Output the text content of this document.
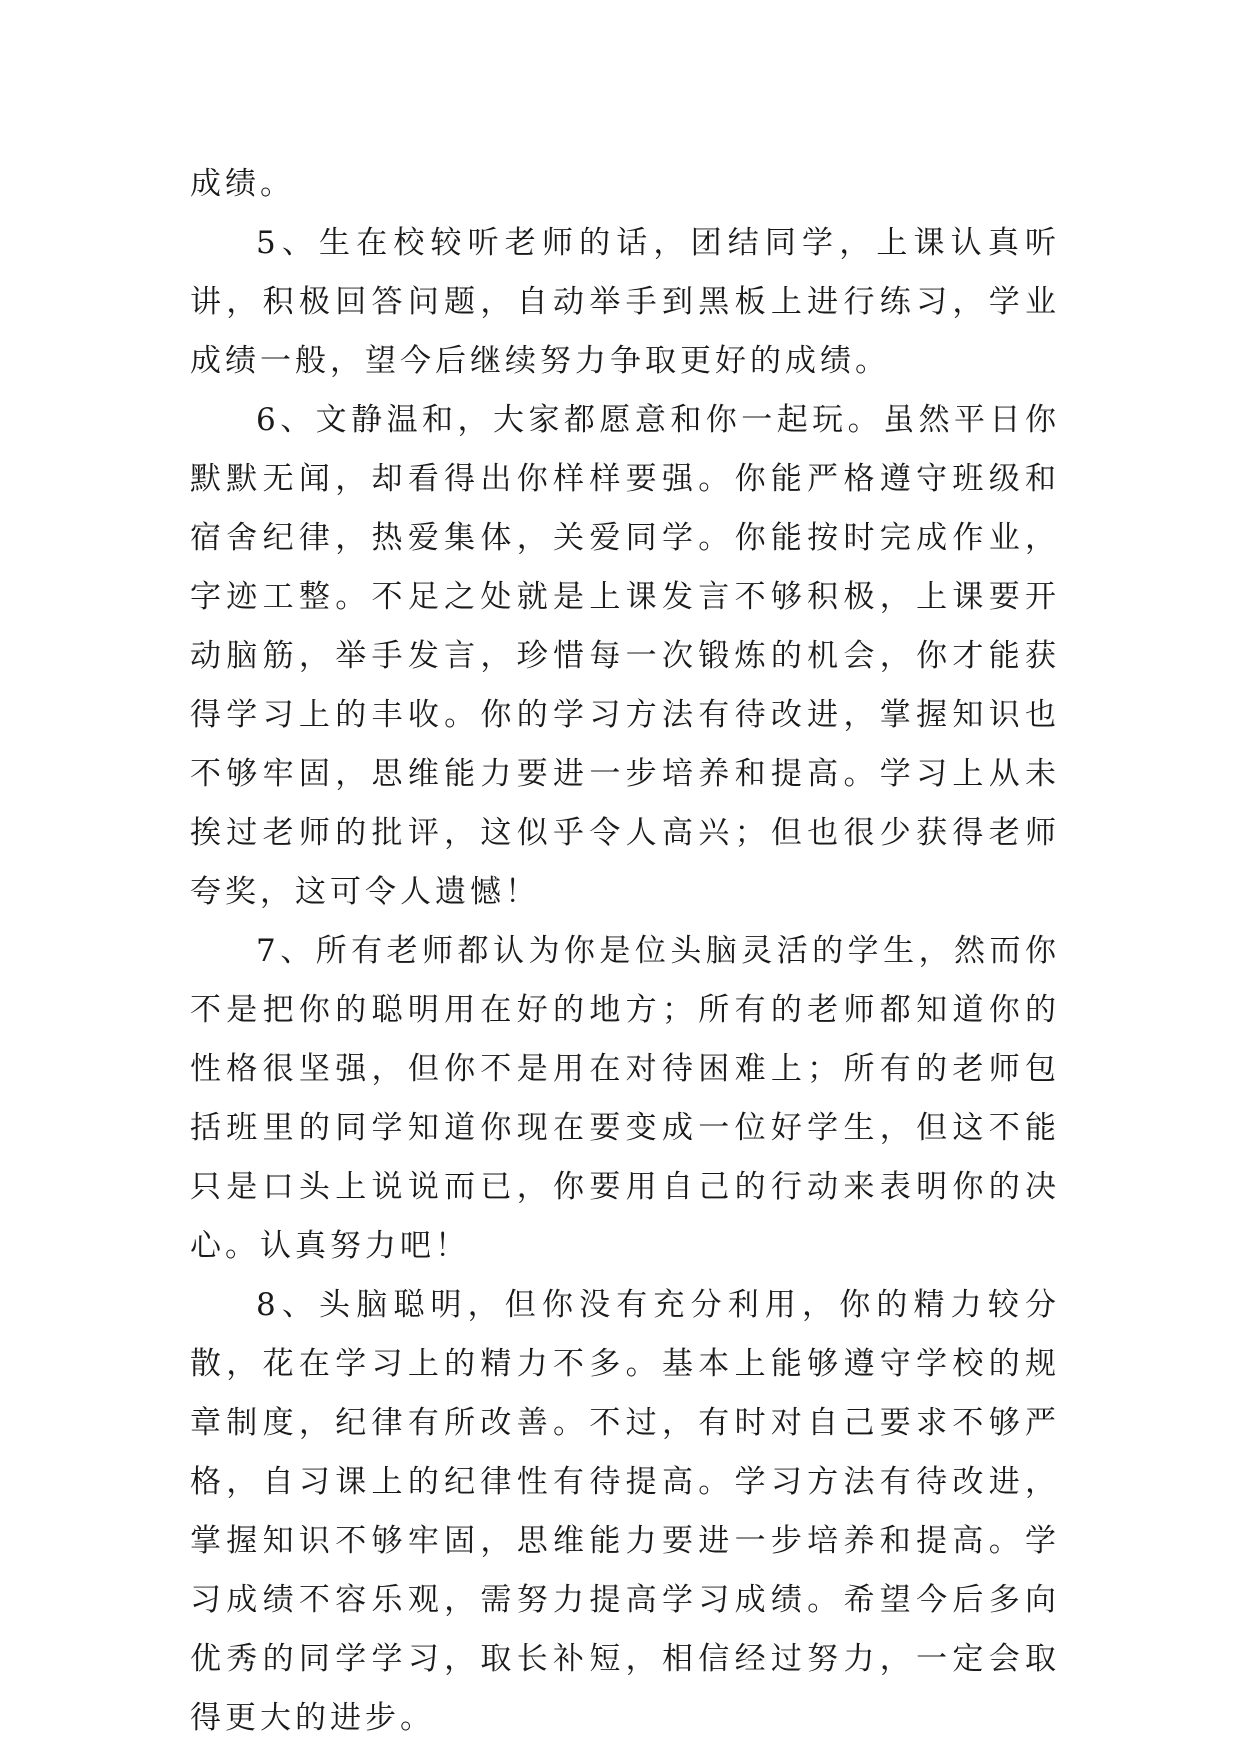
成绩。

5、生在校较听老师的话，团结同学，上课认真听讲，积极回答问题，自动举手到黑板上进行练习，学业成绩一般，望今后继续努力争取更好的成绩。

6、文静温和，大家都愿意和你一起玩。虽然平日你默默无闻，却看得出你样样要强。你能严格遵守班级和宿舍纪律，热爱集体，关爱同学。你能按时完成作业，字迹工整。不足之处就是上课发言不够积极，上课要开动脑筋，举手发言，珍惜每一次锻炼的机会，你才能获得学习上的丰收。你的学习方法有待改进，掌握知识也不够牢固，思维能力要进一步培养和提高。学习上从未挨过老师的批评，这似乎令人高兴；但也很少获得老师夸奖，这可令人遗憾！

7、所有老师都认为你是位头脑灵活的学生，然而你不是把你的聪明用在好的地方；所有的老师都知道你的性格很坚强，但你不是用在对待困难上；所有的老师包括班里的同学知道你现在要变成一位好学生，但这不能只是口头上说说而已，你要用自己的行动来表明你的决心。认真努力吧！

8、头脑聪明，但你没有充分利用，你的精力较分散，花在学习上的精力不多。基本上能够遵守学校的规章制度，纪律有所改善。不过，有时对自己要求不够严格，自习课上的纪律性有待提高。学习方法有待改进，掌握知识不够牢固，思维能力要进一步培养和提高。学习成绩不容乐观，需努力提高学习成绩。希望今后多向优秀的同学学习，取长补短，相信经过努力，一定会取得更大的进步。
